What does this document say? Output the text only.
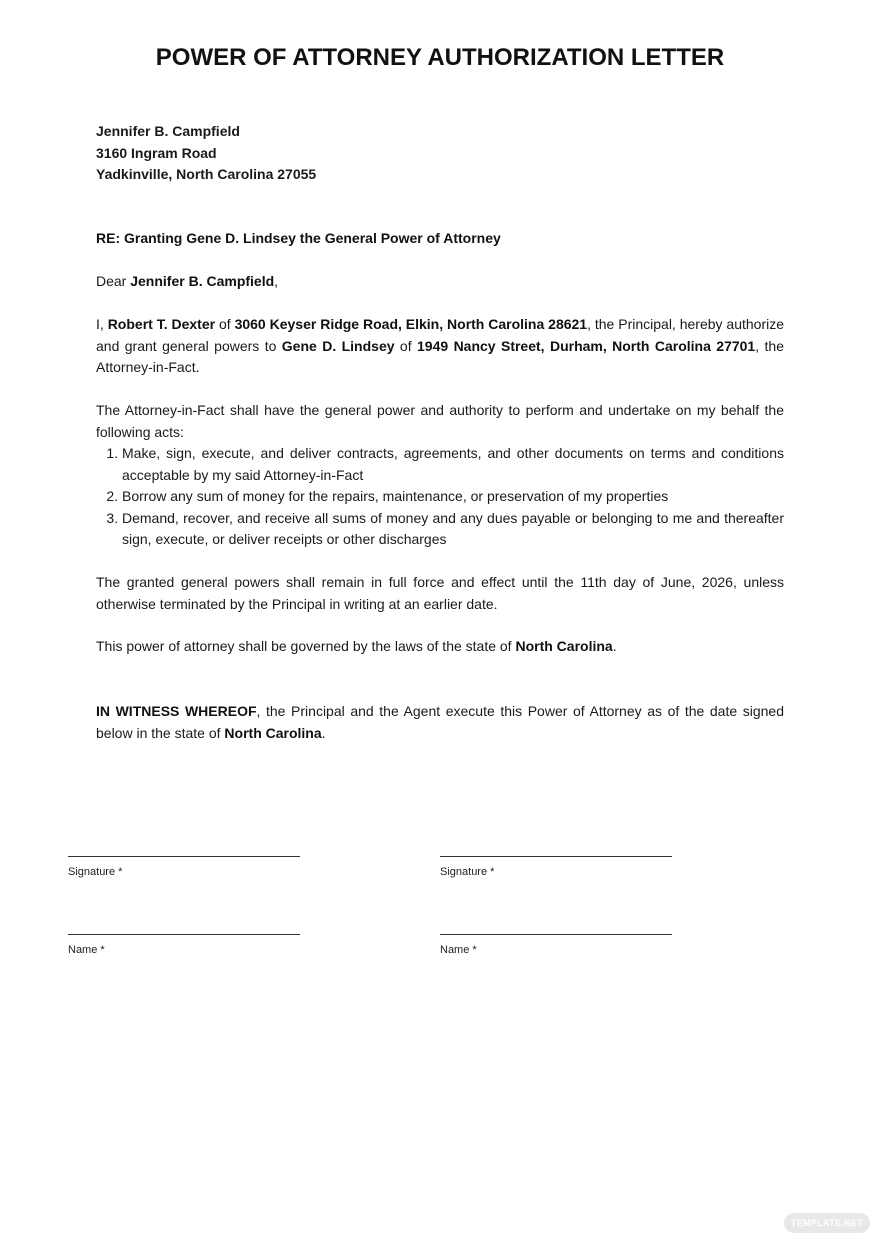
POWER OF ATTORNEY AUTHORIZATION LETTER
Jennifer B. Campfield
3160 Ingram Road
Yadkinville, North Carolina 27055
RE: Granting Gene D. Lindsey the General Power of Attorney
Dear Jennifer B. Campfield,
I, Robert T. Dexter of 3060 Keyser Ridge Road, Elkin, North Carolina 28621, the Principal, hereby authorize and grant general powers to Gene D. Lindsey of 1949 Nancy Street, Durham, North Carolina 27701, the Attorney-in-Fact.
The Attorney-in-Fact shall have the general power and authority to perform and undertake on my behalf the following acts:
1. Make, sign, execute, and deliver contracts, agreements, and other documents on terms and conditions acceptable by my said Attorney-in-Fact
2. Borrow any sum of money for the repairs, maintenance, or preservation of my properties
3. Demand, recover, and receive all sums of money and any dues payable or belonging to me and thereafter sign, execute, or deliver receipts or other discharges
The granted general powers shall remain in full force and effect until the 11th day of June, 2026, unless otherwise terminated by the Principal in writing at an earlier date.
This power of attorney shall be governed by the laws of the state of North Carolina.
IN WITNESS WHEREOF, the Principal and the Agent execute this Power of Attorney as of the date signed below in the state of North Carolina.
Signature *
Name *
Signature *
Name *
TEMPLATE.NET
